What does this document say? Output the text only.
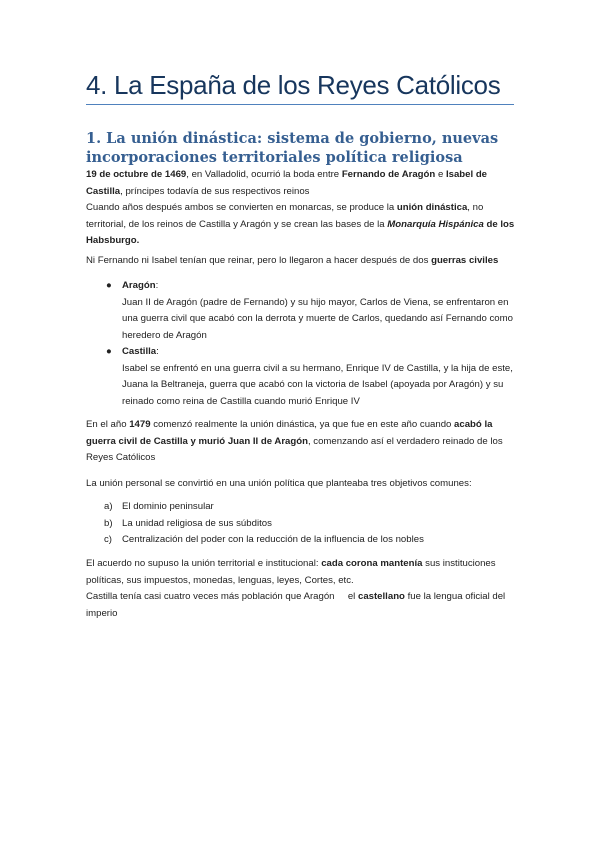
4. La España de los Reyes Católicos
1. La unión dinástica: sistema de gobierno, nuevas incorporaciones territoriales política religiosa
19 de octubre de 1469, en Valladolid, ocurrió la boda entre Fernando de Aragón e Isabel de Castilla, príncipes todavía de sus respectivos reinos
Cuando años después ambos se convierten en monarcas, se produce la unión dinástica, no territorial, de los reinos de Castilla y Aragón y se crean las bases de la Monarquía Hispánica de los Habsburgo.
Ni Fernando ni Isabel tenían que reinar, pero lo llegaron a hacer después de dos guerras civiles
● Aragón:
Juan II de Aragón (padre de Fernando) y su hijo mayor, Carlos de Viena, se enfrentaron en una guerra civil que acabó con la derrota y muerte de Carlos, quedando así Fernando como heredero de Aragón
● Castilla:
Isabel se enfrentó en una guerra civil a su hermano, Enrique IV de Castilla, y la hija de este, Juana la Beltraneja, guerra que acabó con la victoria de Isabel (apoyada por Aragón) y su reinado como reina de Castilla cuando murió Enrique IV
En el año 1479 comenzó realmente la unión dinástica, ya que fue en este año cuando acabó la guerra civil de Castilla y murió Juan II de Aragón, comenzando así el verdadero reinado de los Reyes Católicos
La unión personal se convirtió en una unión política que planteaba tres objetivos comunes:
a) El dominio peninsular
b) La unidad religiosa de sus súbditos
c) Centralización del poder con la reducción de la influencia de los nobles
El acuerdo no supuso la unión territorial e institucional: cada corona mantenía sus instituciones políticas, sus impuestos, monedas, lenguas, leyes, Cortes, etc.
Castilla tenía casi cuatro veces más población que Aragón     el castellano fue la lengua oficial del imperio
